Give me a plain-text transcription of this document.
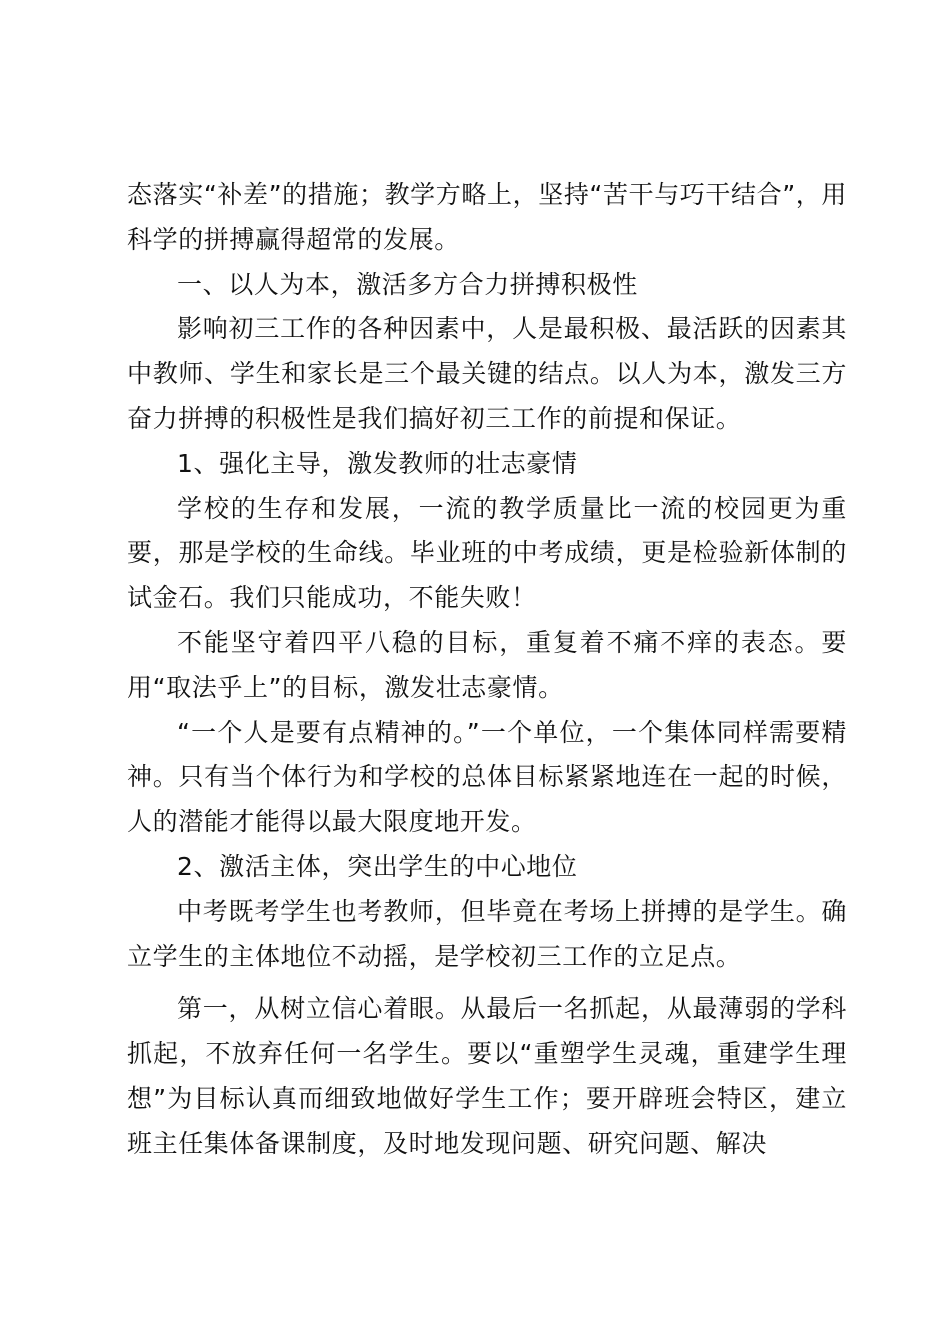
态落实“补差”的措施；教学方略上，坚持“苦干与巧干结合”，用科学的拼搏赢得超常的发展。

一、以人为本，激活多方合力拼搏积极性

影响初三工作的各种因素中，人是最积极、最活跃的因素其中教师、学生和家长是三个最关键的结点。以人为本，激发三方奋力拼搏的积极性是我们搞好初三工作的前提和保证。

1、强化主导，激发教师的壮志豪情

学校的生存和发展，一流的教学质量比一流的校园更为重要，那是学校的生命线。毕业班的中考成绩，更是检验新体制的试金石。我们只能成功，不能失败！

不能坚守着四平八稳的目标，重复着不痛不痒的表态。要用“取法乎上”的目标，激发壮志豪情。

“一个人是要有点精神的。”一个单位，一个集体同样需要精神。只有当个体行为和学校的总体目标紧紧地连在一起的时候，人的潜能才能得以最大限度地开发。

2、激活主体，突出学生的中心地位

中考既考学生也考教师，但毕竟在考场上拼搏的是学生。确立学生的主体地位不动摇，是学校初三工作的立足点。

第一，从树立信心着眼。从最后一名抓起，从最薄弱的学科抓起，不放弃任何一名学生。要以“重塑学生灵魂，重建学生理想”为目标认真而细致地做好学生工作；要开辟班会特区，建立班主任集体备课制度，及时地发现问题、研究问题、解决
